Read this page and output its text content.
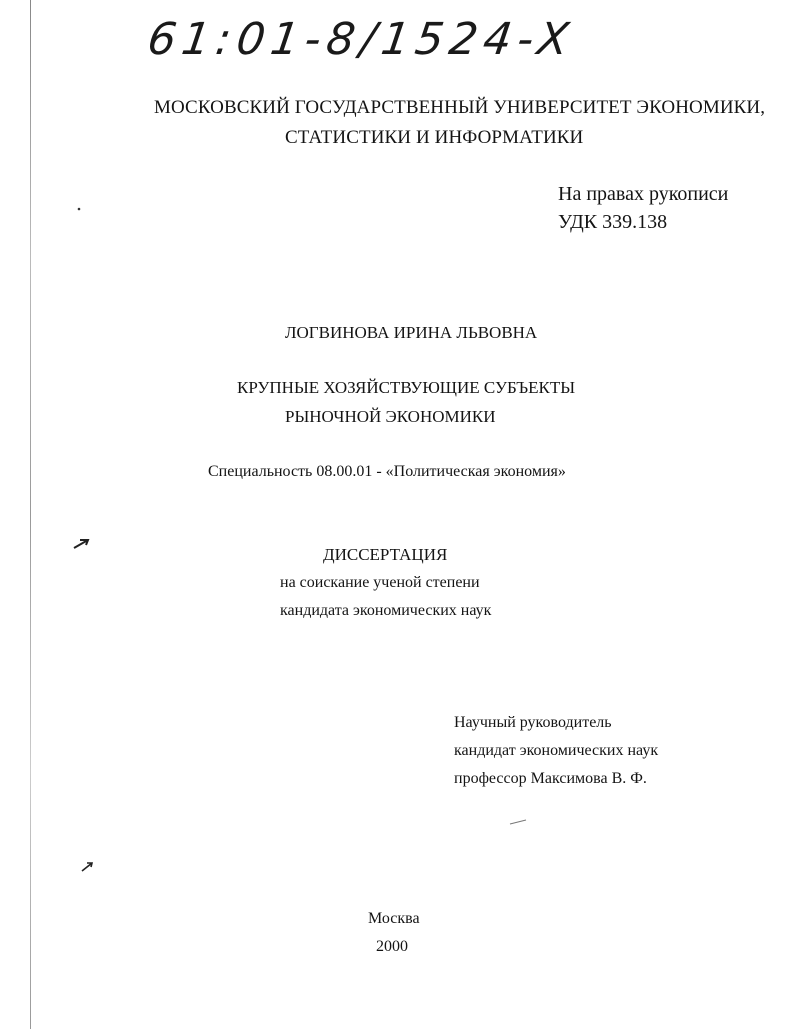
61:01-8/1524-X
МОСКОВСКИЙ ГОСУДАРСТВЕННЫЙ УНИВЕРСИТЕТ ЭКОНОМИКИ,
СТАТИСТИКИ И ИНФОРМАТИКИ
На правах рукописи
УДК 339.138
ЛОГВИНОВА ИРИНА ЛЬВОВНА
КРУПНЫЕ ХОЗЯЙСТВУЮЩИЕ СУБЪЕКТЫ
РЫНОЧНОЙ ЭКОНОМИКИ
Специальность 08.00.01 - «Политическая экономия»
ДИССЕРТАЦИЯ
на соискание ученой степени
кандидата экономических наук
Научный руководитель
кандидат экономических наук
профессор Максимова В. Ф.
Москва
2000
